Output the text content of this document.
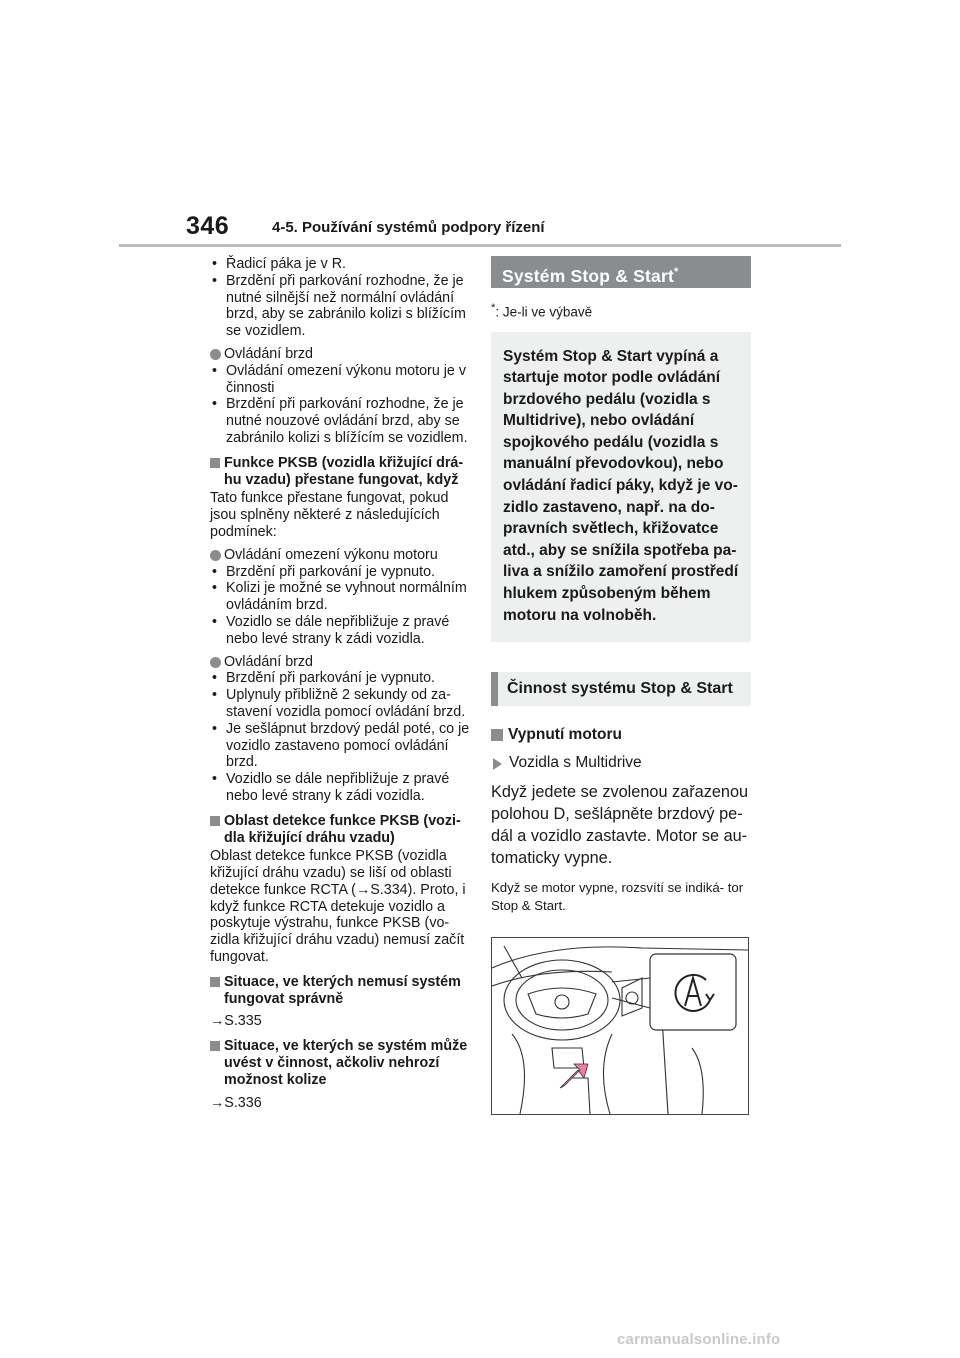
346	4-5. Používání systémů podpory řízení
• Řadicí páka je v R.
• Brzdění při parkování rozhodne, že je nutné silnější než normální ovládání brzd, aby se zabránilo kolizi s blížícím se vozidlem.
Ovládání brzd
• Ovládání omezení výkonu motoru je v činnosti
• Brzdění při parkování rozhodne, že je nutné nouzové ovládání brzd, aby se zabránilo kolizi s blížícím se vozidlem.
Funkce PKSB (vozidla křižující drá- hu vzadu) přestane fungovat, když
Tato funkce přestane fungovat, pokud jsou splněny některé z následujících podmínek:
Ovládání omezení výkonu motoru
• Brzdění při parkování je vypnuto.
• Kolizi je možné se vyhnout normálním ovládáním brzd.
• Vozidlo se dále nepřibližuje z pravé nebo levé strany k zádi vozidla.
Ovládání brzd
• Brzdění při parkování je vypnuto.
• Uplynuly přibližně 2 sekundy od za- stavení vozidla pomocí ovládání brzd.
• Je sešlápnut brzdový pedál poté, co je vozidlo zastaveno pomocí ovládání brzd.
• Vozidlo se dále nepřibližuje z pravé nebo levé strany k zádi vozidla.
Oblast detekce funkce PKSB (vozi- dla křižující dráhu vzadu)
Oblast detekce funkce PKSB (vozidla křižující dráhu vzadu) se liší od oblasti detekce funkce RCTA (→S.334). Proto, i když funkce RCTA detekuje vozidlo a poskytuje výstrahu, funkce PKSB (vo- zidla křižující dráhu vzadu) nemusí začít fungovat.
Situace, ve kterých nemusí systém fungovat správně
→S.335
Situace, ve kterých se systém může uvést v činnost, ačkoliv nehrozí možnost kolize
→S.336
Systém Stop & Start*
*: Je-li ve výbavě
Systém Stop & Start vypíná a startuje motor podle ovládání brzdového pedálu (vozidla s Multidrive), nebo ovládání spojkového pedálu (vozidla s manuální převodovkou), nebo ovládání řadicí páky, když je vo- zidlo zastaveno, např. na do- pravních světlech, křižovatce atd., aby se snížila spotřeba pa- liva a snížilo zamoření prostředí hlukem způsobeným během motoru na volnoběh.
Činnost systému Stop & Start
Vypnutí motoru
Vozidla s Multidrive
Když jedete se zvolenou zařazenou polohou D, sešlápněte brzdový pe- dál a vozidlo zastavte. Motor se au- tomaticky vypne.
Když se motor vypne, rozsvítí se indiká- tor Stop & Start.
carmanualsonline.info
